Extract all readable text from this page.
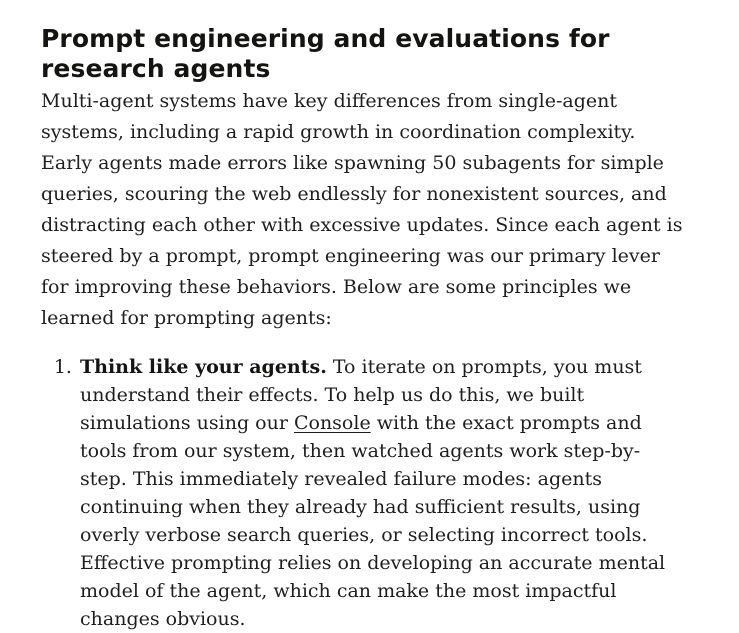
Prompt engineering and evaluations for research agents

Multi-agent systems have key differences from single-agent systems, including a rapid growth in coordination complexity. Early agents made errors like spawning 50 subagents for simple queries, scouring the web endlessly for nonexistent sources, and distracting each other with excessive updates. Since each agent is steered by a prompt, prompt engineering was our primary lever for improving these behaviors. Below are some principles we learned for prompting agents:

1. Think like your agents. To iterate on prompts, you must understand their effects. To help us do this, we built simulations using our Console with the exact prompts and tools from our system, then watched agents work step-by-step. This immediately revealed failure modes: agents continuing when they already had sufficient results, using overly verbose search queries, or selecting incorrect tools. Effective prompting relies on developing an accurate mental model of the agent, which can make the most impactful changes obvious.
